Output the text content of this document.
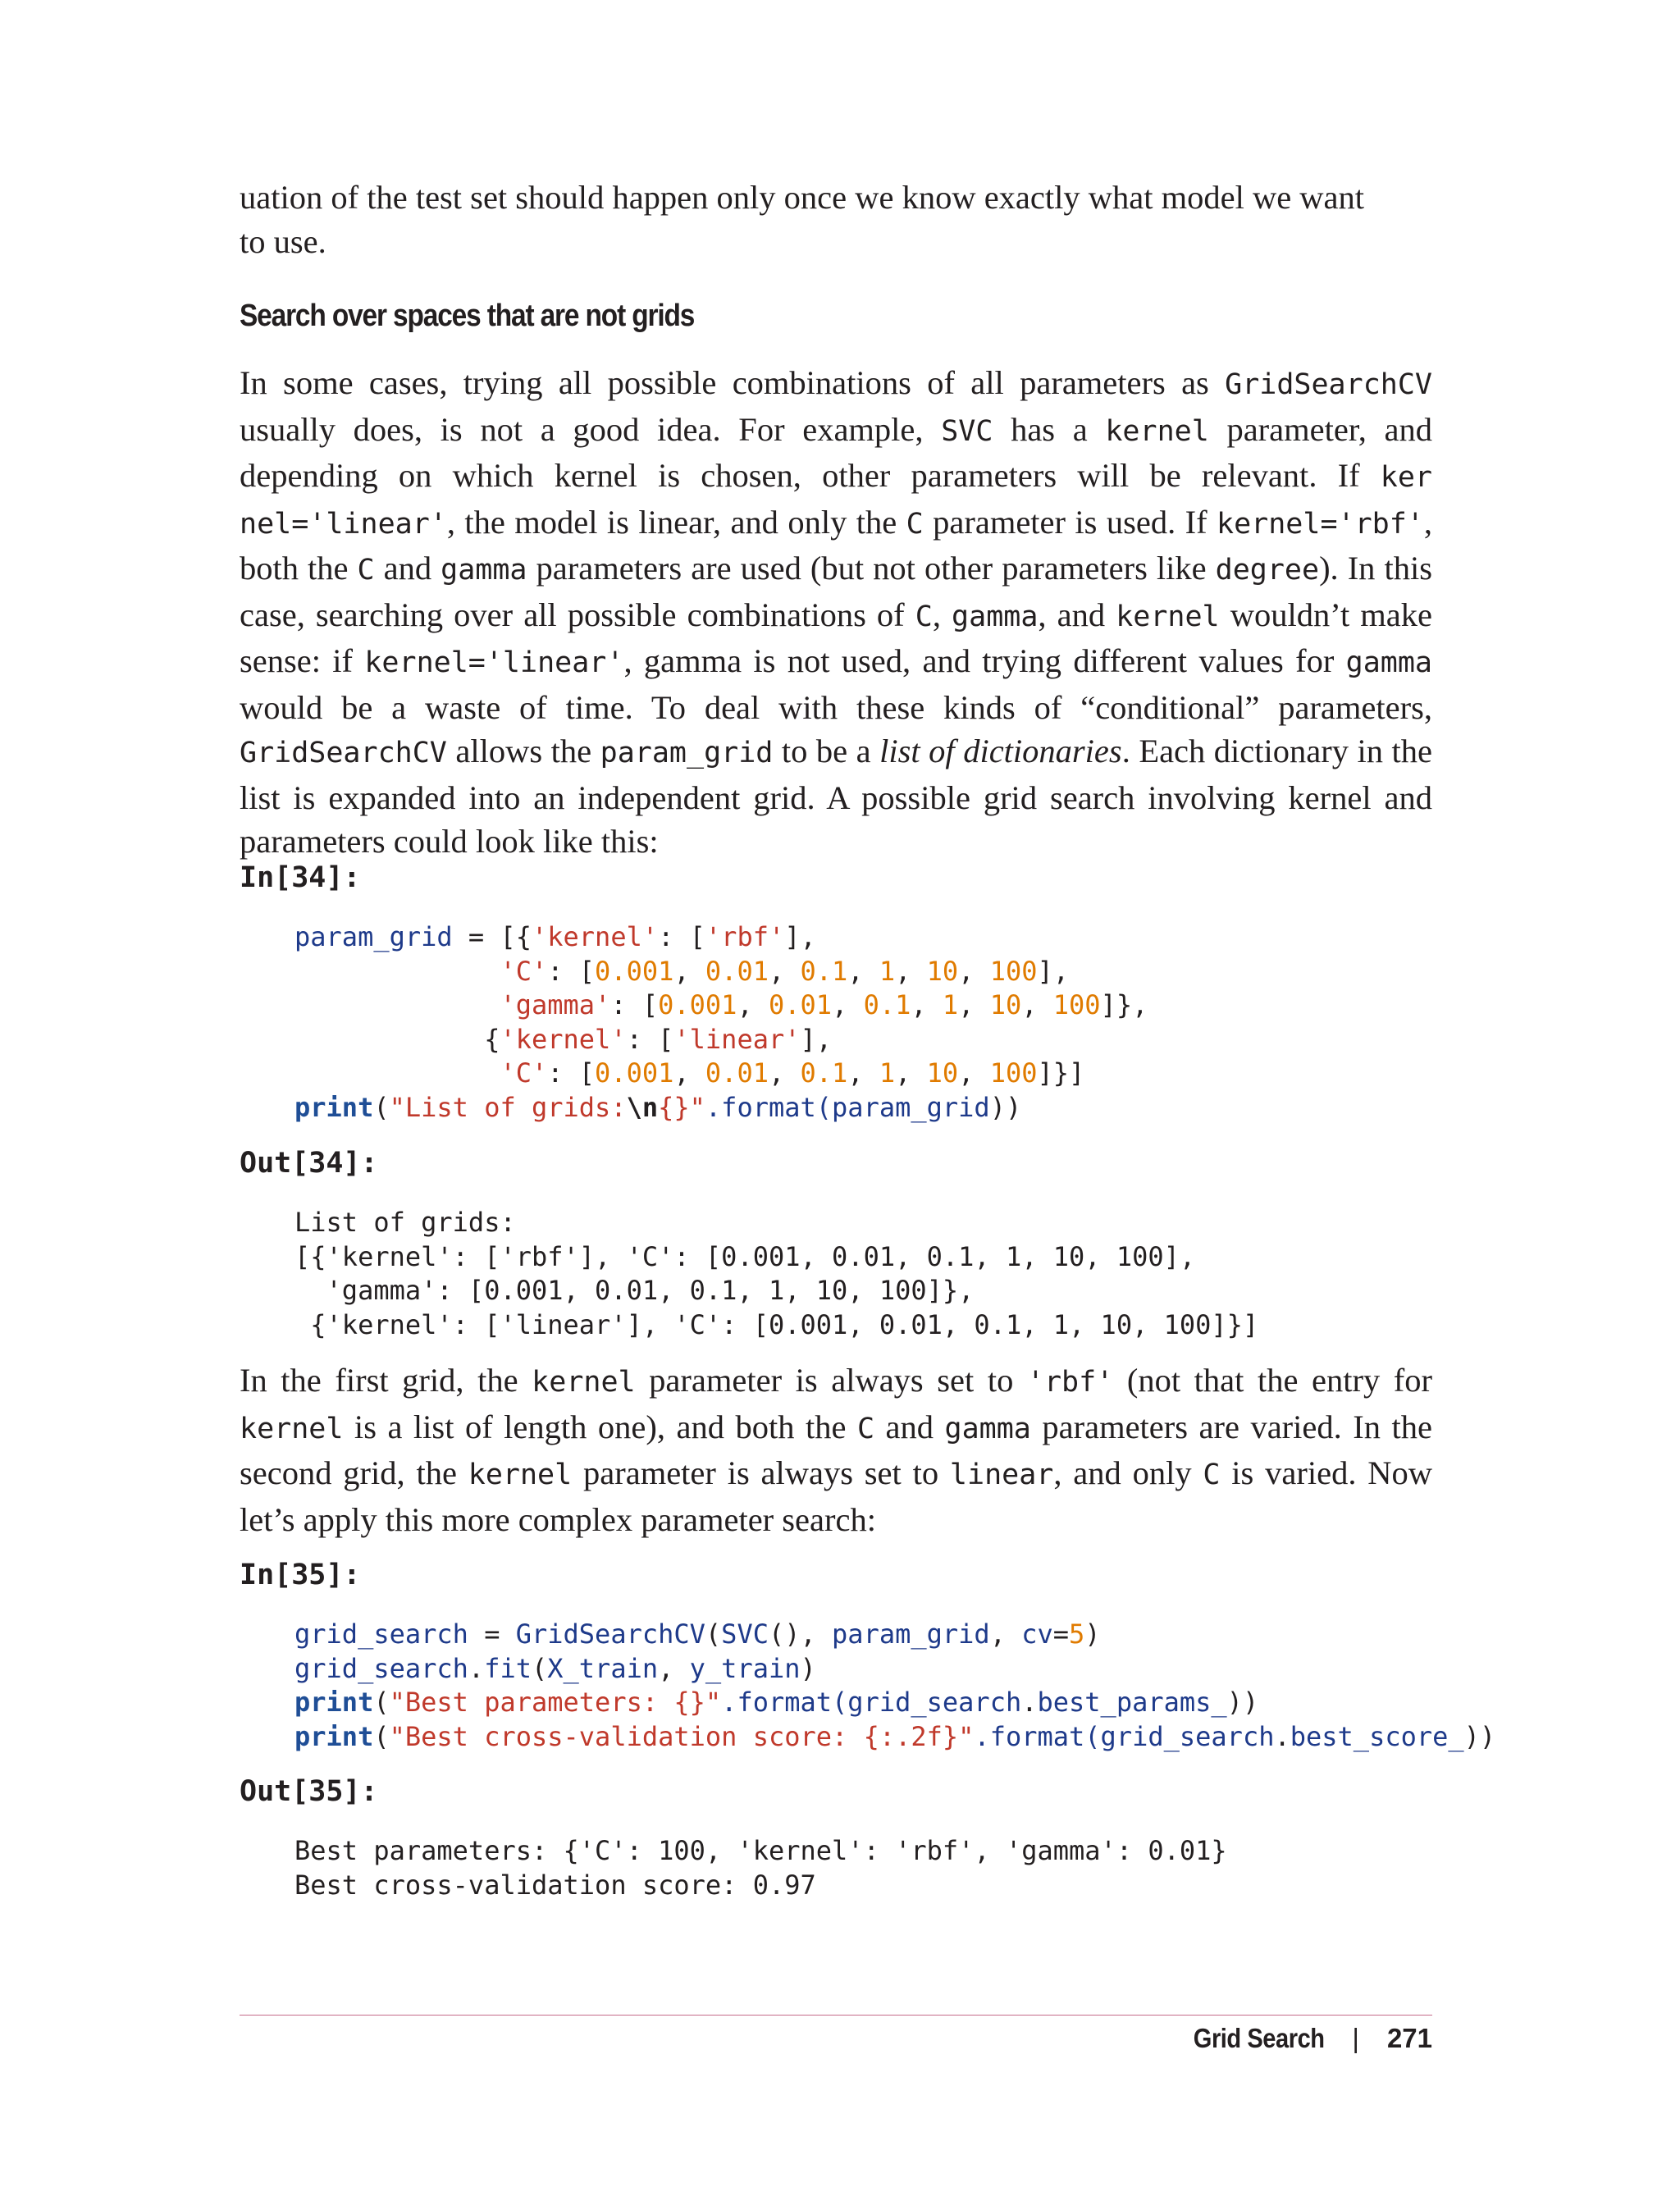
uation of the test set should happen only once we know exactly what model we want
to use.

Search over spaces that are not grids

In some cases, trying all possible combinations of all parameters as GridSearchCV usually does, is not a good idea. For example, SVC has a kernel parameter, and depending on which kernel is chosen, other parameters will be relevant. If ker nel='linear', the model is linear, and only the C parameter is used. If kernel='rbf', both the C and gamma parameters are used (but not other parameters like degree). In this case, searching over all possible combinations of C, gamma, and kernel wouldn’t make sense: if kernel='linear', gamma is not used, and trying different values for gamma would be a waste of time. To deal with these kinds of “conditional” parameters, GridSearchCV allows the param_grid to be a list of dictionaries. Each dictionary in the list is expanded into an independent grid. A possible grid search involving kernel and parameters could look like this:

In[34]:
param_grid = [{'kernel': ['rbf'],
'C': [0.001, 0.01, 0.1, 1, 10, 100],
'gamma': [0.001, 0.01, 0.1, 1, 10, 100]},
{'kernel': ['linear'],
'C': [0.001, 0.01, 0.1, 1, 10, 100]}]
print("List of grids:\n{}".format(param_grid))
Out[34]:
List of grids:
[{'kernel': ['rbf'], 'C': [0.001, 0.01, 0.1, 1, 10, 100],
'gamma': [0.001, 0.01, 0.1, 1, 10, 100]},
{'kernel': ['linear'], 'C': [0.001, 0.01, 0.1, 1, 10, 100]}]

In the first grid, the kernel parameter is always set to 'rbf' (not that the entry for kernel is a list of length one), and both the C and gamma parameters are varied. In the second grid, the kernel parameter is always set to linear, and only C is varied. Now let’s apply this more complex parameter search:

In[35]:
grid_search = GridSearchCV(SVC(), param_grid, cv=5)
grid_search.fit(X_train, y_train)
print("Best parameters: {}".format(grid_search.best_params_))
print("Best cross-validation score: {:.2f}".format(grid_search.best_score_))
Out[35]:
Best parameters: {'C': 100, 'kernel': 'rbf', 'gamma': 0.01}
Best cross-validation score: 0.97
Grid Search | 271
